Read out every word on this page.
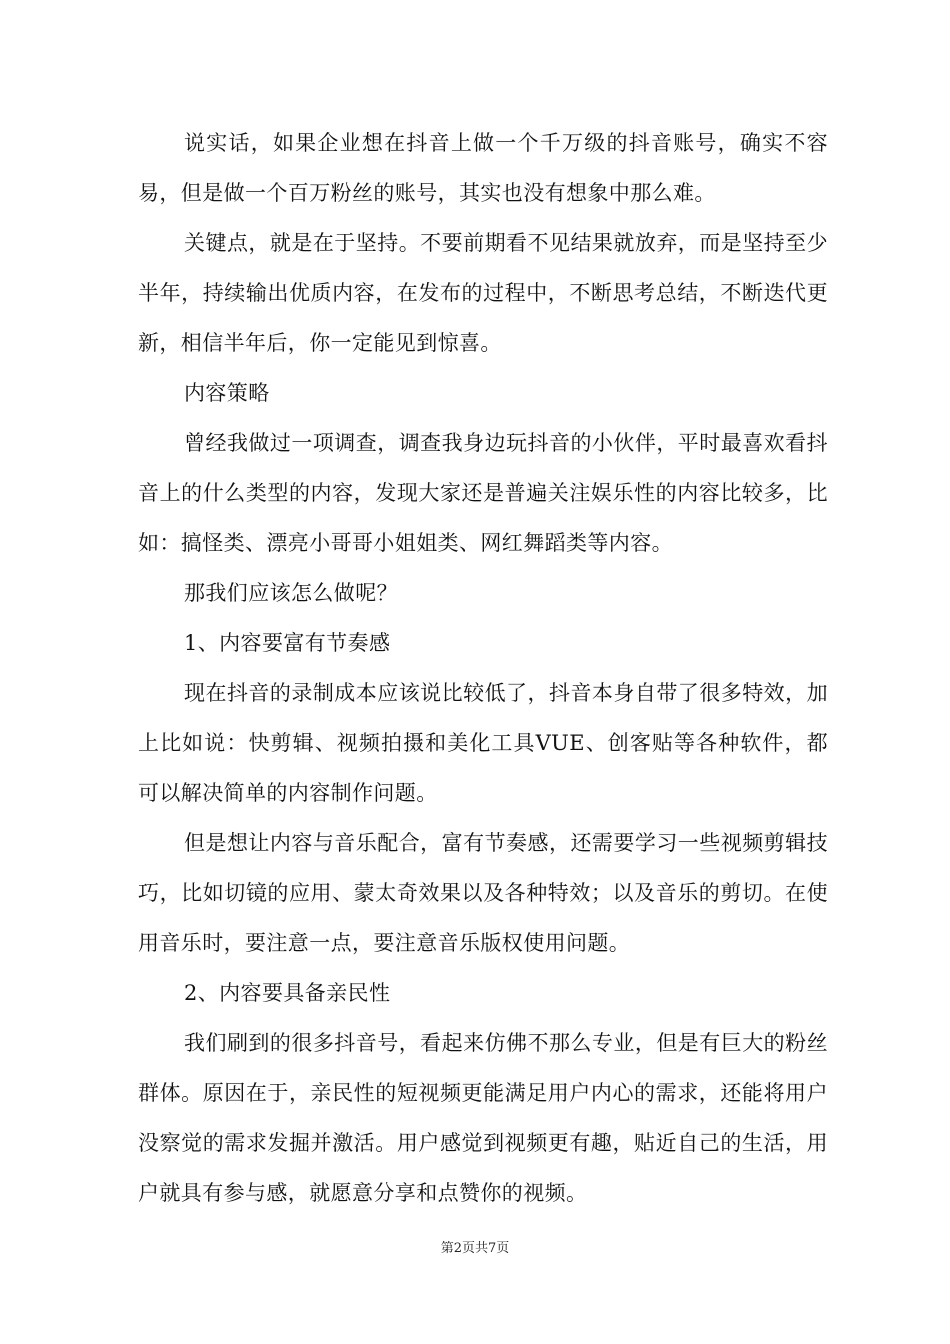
说实话，如果企业想在抖音上做一个千万级的抖音账号，确实不容易，但是做一个百万粉丝的账号，其实也没有想象中那么难。

关键点，就是在于坚持。不要前期看不见结果就放弃，而是坚持至少半年，持续输出优质内容，在发布的过程中，不断思考总结，不断迭代更新，相信半年后，你一定能见到惊喜。

内容策略

曾经我做过一项调查，调查我身边玩抖音的小伙伴，平时最喜欢看抖音上的什么类型的内容，发现大家还是普遍关注娱乐性的内容比较多，比如：搞怪类、漂亮小哥哥小姐姐类、网红舞蹈类等内容。

那我们应该怎么做呢？

1、内容要富有节奏感

现在抖音的录制成本应该说比较低了，抖音本身自带了很多特效，加上比如说：快剪辑、视频拍摄和美化工具VUE、创客贴等各种软件，都可以解决简单的内容制作问题。

但是想让内容与音乐配合，富有节奏感，还需要学习一些视频剪辑技巧，比如切镜的应用、蒙太奇效果以及各种特效；以及音乐的剪切。在使用音乐时，要注意一点，要注意音乐版权使用问题。

2、内容要具备亲民性

我们刷到的很多抖音号，看起来仿佛不那么专业，但是有巨大的粉丝群体。原因在于，亲民性的短视频更能满足用户内心的需求，还能将用户没察觉的需求发掘并激活。用户感觉到视频更有趣，贴近自己的生活，用户就具有参与感，就愿意分享和点赞你的视频。

第2页共7页
